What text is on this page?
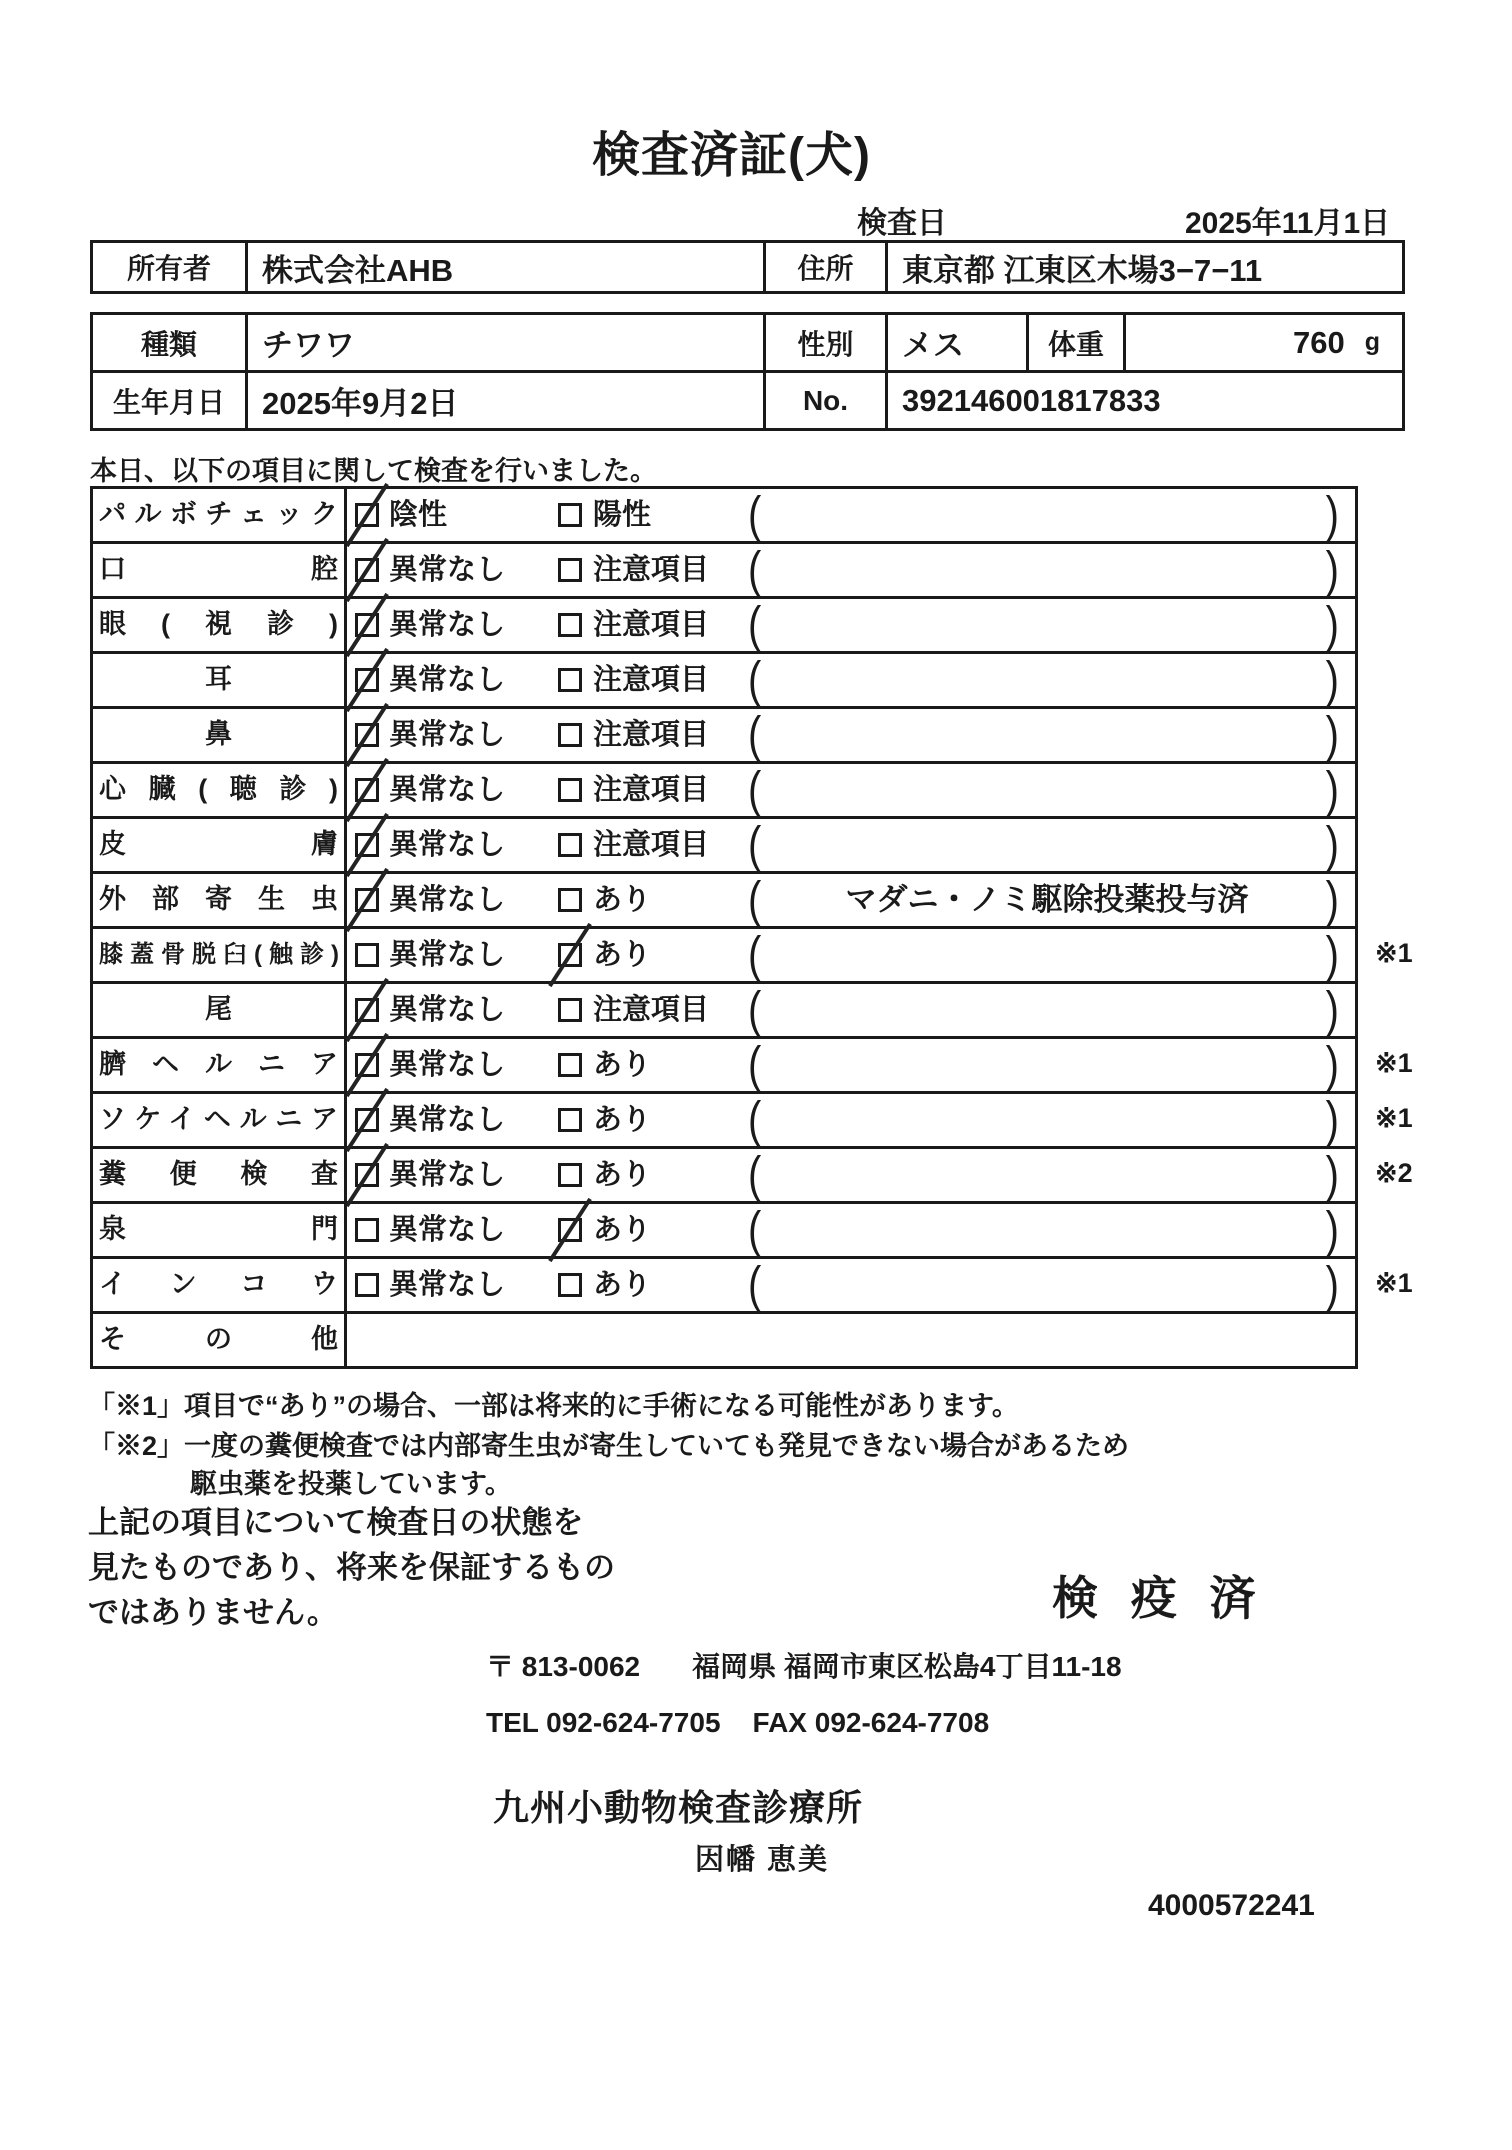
検査済証(犬)
検査日	2025年11月1日
所有者	株式会社AHB	住所	東京都 江東区木場3−7−11
種類	チワワ	性別	メス	体重	760 g
生年月日	2025年9月2日	No.	392146001817833
本日、以下の項目に関して検査を行いました。
パルボチェック	陰性	陽性 (	)
口腔	異常なし	注意項目 (	)
眼(視診)	異常なし	注意項目 (	)
耳	異常なし	注意項目 (	)
鼻	異常なし	注意項目 (	)
心臓(聴診)	異常なし	注意項目 (	)
皮膚	異常なし	注意項目 (	)
外部寄生虫	異常なし	あり (	マダニ・ノミ駆除投薬投与済	)
膝蓋骨脱臼(触診)	異常なし	あり (	) ※1
尾	異常なし	注意項目 (	)
臍ヘルニア	異常なし	あり (	) ※1
ソケイヘルニア	異常なし	あり (	) ※1
糞便検査	異常なし	あり (	) ※2
泉門	異常なし	あり (	)
インコウ	異常なし	あり (	) ※1
その他
「※1」項目で“あり”の場合、一部は将来的に手術になる可能性があります。
「※2」一度の糞便検査では内部寄生虫が寄生していても発見できない場合があるため
駆虫薬を投薬しています。
上記の項目について検査日の状態を
見たものであり、将来を保証するもの
ではありません。	検 疫 済
〒 813-0062 福岡県 福岡市東区松島4丁目11-18
TEL 092-624-7705 FAX 092-624-7708
九州小動物検査診療所
因幡 恵美
4000572241
